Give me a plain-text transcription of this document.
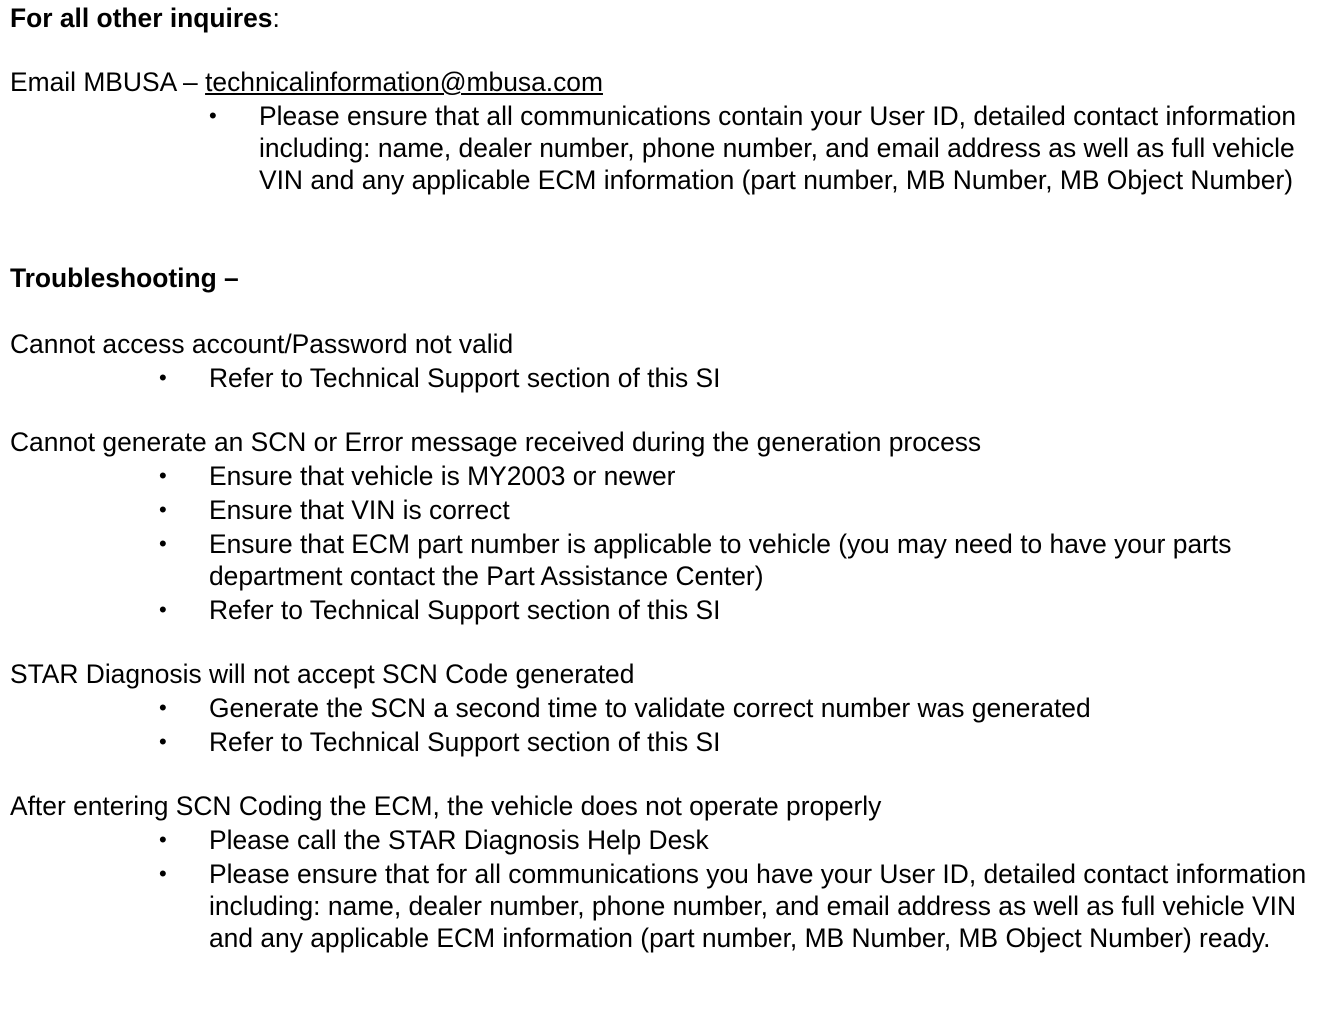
For all other inquires:
Email MBUSA – technicalinformation@mbusa.com
• Please ensure that all communications contain your User ID, detailed contact information including: name, dealer number, phone number, and email address as well as full vehicle VIN and any applicable ECM information (part number, MB Number, MB Object Number)
Troubleshooting –
Cannot access account/Password not valid
• Refer to Technical Support section of this SI
Cannot generate an SCN or Error message received during the generation process
• Ensure that vehicle is MY2003 or newer
• Ensure that VIN is correct
• Ensure that ECM part number is applicable to vehicle (you may need to have your parts department contact the Part Assistance Center)
• Refer to Technical Support section of this SI
STAR Diagnosis will not accept SCN Code generated
• Generate the SCN a second time to validate correct number was generated
• Refer to Technical Support section of this SI
After entering SCN Coding the ECM, the vehicle does not operate properly
• Please call the STAR Diagnosis Help Desk
• Please ensure that for all communications you have your User ID, detailed contact information including: name, dealer number, phone number, and email address as well as full vehicle VIN and any applicable ECM information (part number, MB Number, MB Object Number) ready.
